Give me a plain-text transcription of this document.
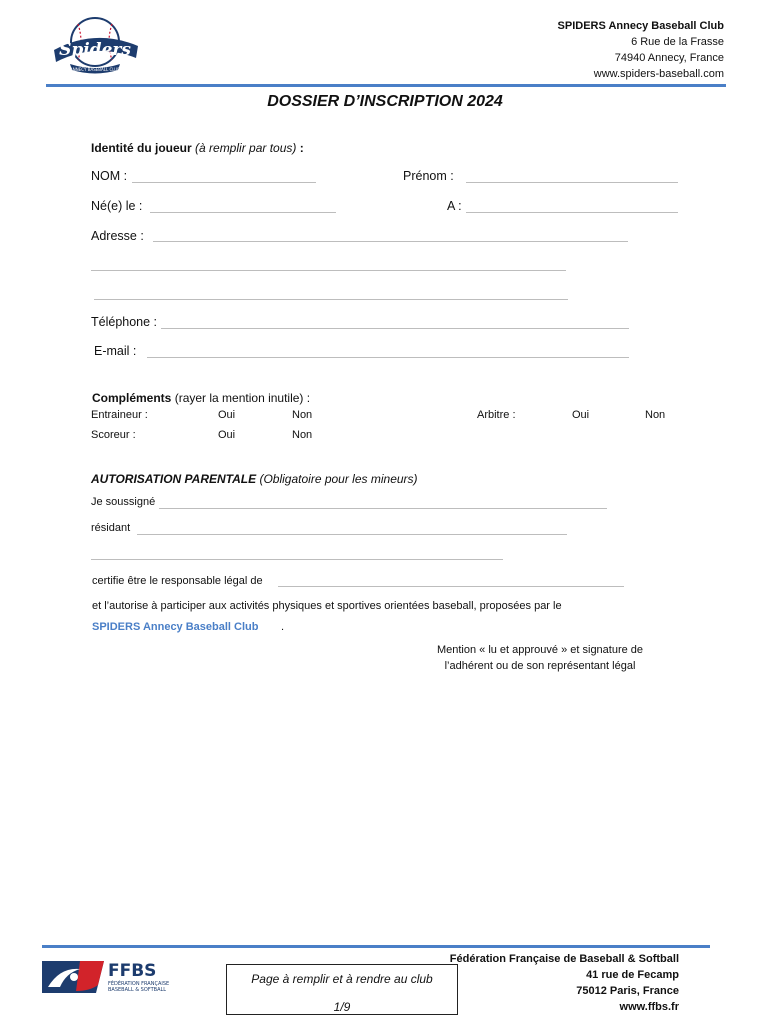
Spiders
ANNECY BASEBALL CLUB
SPIDERS Annecy Baseball Club
6 Rue de la Frasse
74940 Annecy, France
www.spiders-baseball.com
DOSSIER D’INSCRIPTION 2024
Identité du joueur (à remplir par tous) :
NOM :	Prénom :
Né(e) le :	A :
Adresse :
Téléphone :
E-mail :
Compléments (rayer la mention inutile) :
Entraineur :	Oui	Non	Arbitre :	Oui	Non
Scoreur :	Oui	Non
AUTORISATION PARENTALE (Obligatoire pour les mineurs)
Je soussigné
résidant
certifie être le responsable légal de
et l’autorise à participer aux activités physiques et sportives orientées baseball, proposées par le
SPIDERS Annecy Baseball Club .
Mention « lu et approuvé » et signature de
l’adhérent ou de son représentant légal
FFBS
FÉDÉRATION FRANÇAISE
BASEBALL & SOFTBALL
Page à remplir et à rendre au club
1/9
Fédération Française de Baseball & Softball
41 rue de Fecamp
75012 Paris, France
www.ffbs.fr
